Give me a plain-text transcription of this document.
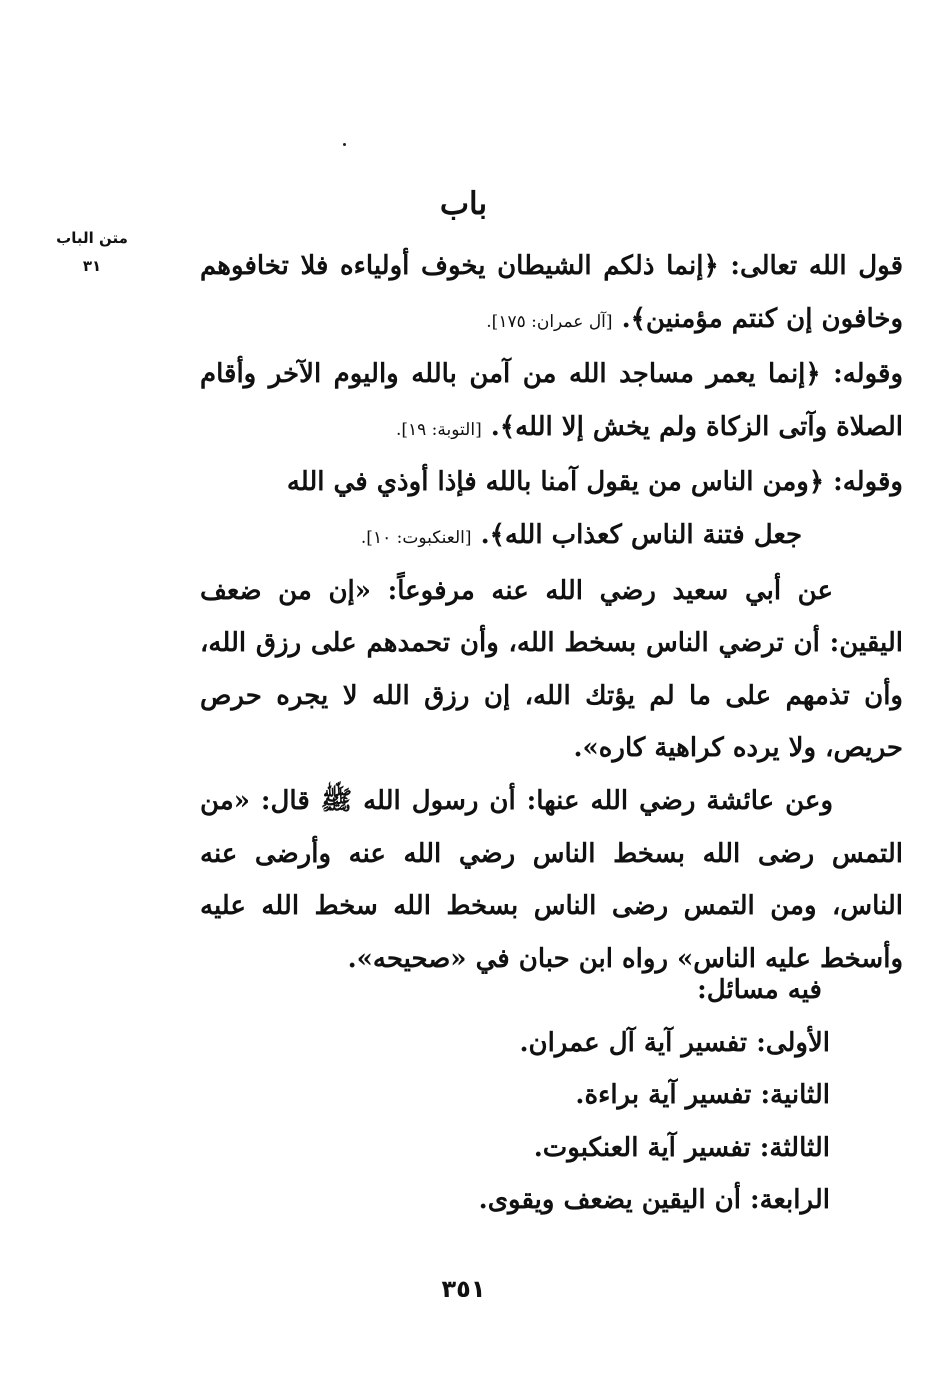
باب
متن الباب
٣١	قول الله تعالى: ﴿إنما ذلكم الشيطان يخوف أولياءه فلا تخافوهم وخافون إن كنتم مؤمنين﴾. [آل عمران: ١٧٥].

وقوله: ﴿إنما يعمر مساجد الله من آمن بالله واليوم الآخر وأقام الصلاة وآتى الزكاة ولم يخش إلا الله﴾. [التوبة: ١٩].

وقوله: ﴿ومن الناس من يقول آمنا بالله فإذا أوذي في الله

جعل فتنة الناس كعذاب الله﴾. [العنكبوت: ١٠].

عن أبي سعيد رضي الله عنه مرفوعاً: «إن من ضعف اليقين: أن ترضي الناس بسخط الله، وأن تحمدهم على رزق الله، وأن تذمهم على ما لم يؤتك الله، إن رزق الله لا يجره حرص حريص، ولا يرده كراهية كاره».

وعن عائشة رضي الله عنها: أن رسول الله ﷺ قال: «من التمس رضى الله بسخط الناس رضي الله عنه وأرضى عنه الناس، ومن التمس رضى الناس بسخط الله سخط الله عليه وأسخط عليه الناس» رواه ابن حبان في «صحيحه».

فيه مسائل:
الأولى: تفسير آية آل عمران.
الثانية: تفسير آية براءة.
الثالثة: تفسير آية العنكبوت.
الرابعة: أن اليقين يضعف ويقوى.
٣٥١
